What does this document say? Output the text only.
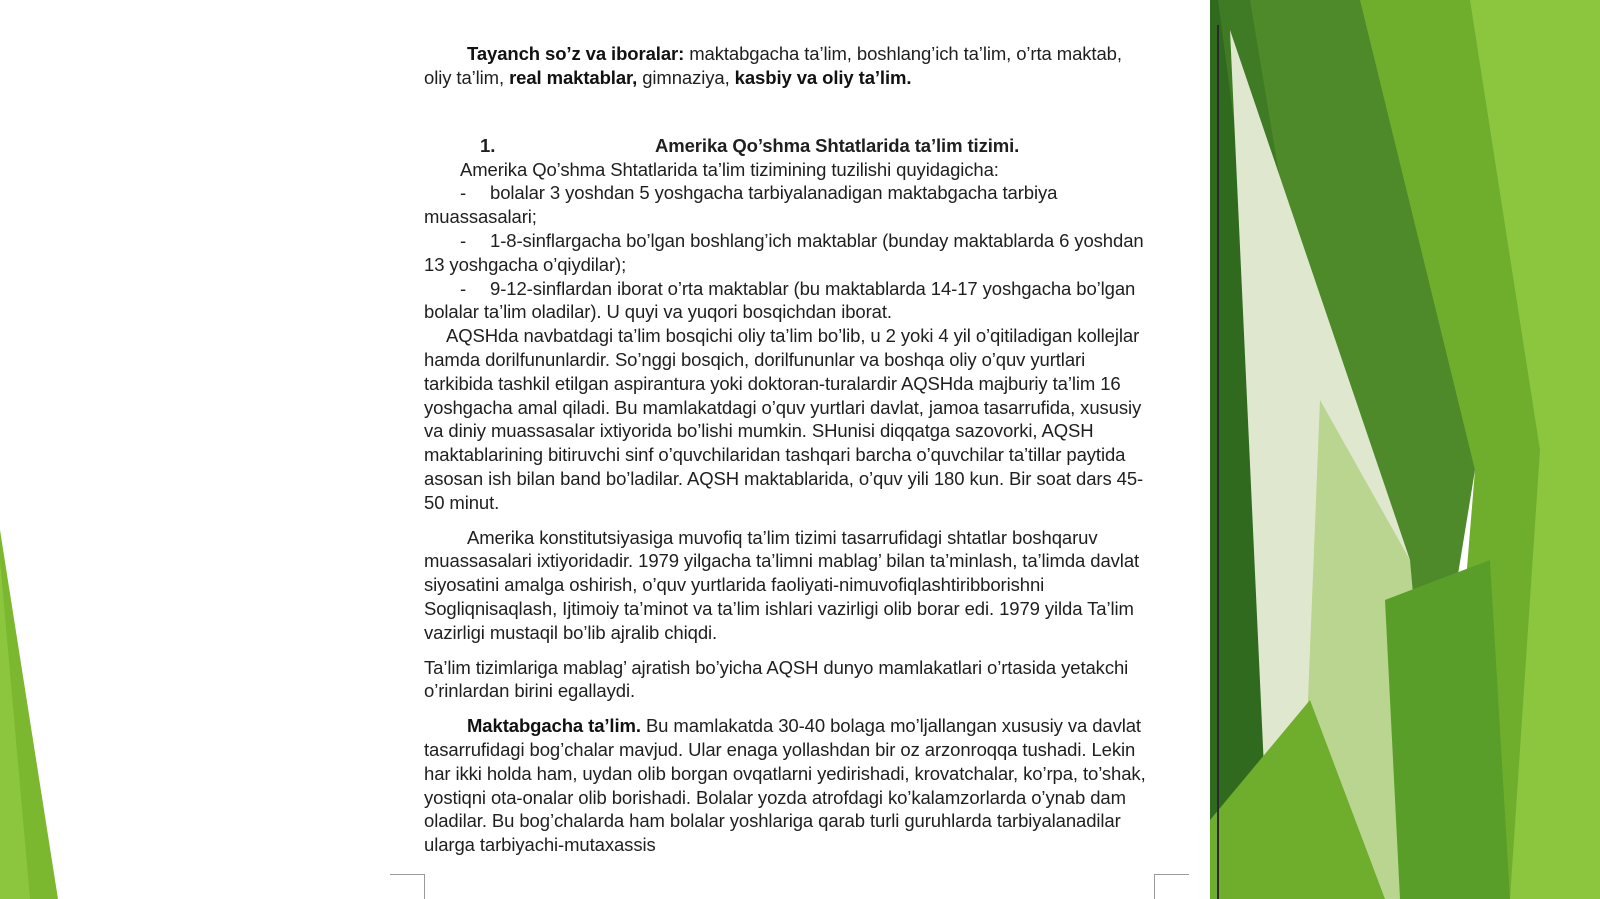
Tayanch so’z va iboralar: maktabgacha ta’lim, boshlang’ich ta’lim, o’rta maktab, oliy ta’lim, real maktablar, gimnaziya, kasbiy va oliy ta’lim.

1.	Amerika Qo’shma Shtatlarida ta’lim tizimi.

Amerika Qo’shma Shtatlarida ta’lim tizimining tuzilishi quyidagicha:

- bolalar 3 yoshdan 5 yoshgacha tarbiyalanadigan maktabgacha tarbiya muassasalari;

- 1-8-sinflargacha bo’lgan boshlang’ich maktablar (bunday maktablarda 6 yoshdan 13 yoshgacha o’qiydilar);

- 9-12-sinflardan iborat o’rta maktablar (bu maktablarda 14-17 yoshgacha bo’lgan bolalar ta’lim oladilar). U quyi va yuqori bosqichdan iborat.

AQSHda navbatdagi ta’lim bosqichi oliy ta’lim bo’lib, u 2 yoki 4 yil o’qitiladigan kollejlar hamda dorilfununlardir. So’nggi bosqich, dorilfununlar va boshqa oliy o’quv yurtlari tarkibida tashkil etilgan aspirantura yoki doktoran-turalardir AQSHda majburiy ta’lim 16 yoshgacha amal qiladi. Bu mamlakatdagi o’quv yurtlari davlat, jamoa tasarrufida, xususiy va diniy muassasalar ixtiyorida bo’lishi mumkin. SHunisi diqqatga sazovorki, AQSH maktablarining bitiruvchi sinf o’quvchilaridan tashqari barcha o’quvchilar ta’tillar paytida asosan ish bilan band bo’ladilar. AQSH maktablarida, o’quv yili 180 kun. Bir soat dars 45-50 minut.

Amerika konstitutsiyasiga muvofiq ta’lim tizimi tasarrufidagi shtatlar boshqaruv muassasalari ixtiyoridadir. 1979 yilgacha ta’limni mablag’ bilan ta’minlash, ta’limda davlat siyosatini amalga oshirish, o’quv yurtlarida faoliyati-nimuvofiqlashtiribborishni Sogliqnisaqlash, Ijtimoiy ta’minot va ta’lim ishlari vazirligi olib borar edi. 1979 yilda Ta’lim vazirligi mustaqil bo’lib ajralib chiqdi.

Ta’lim tizimlariga mablag’ ajratish bo’yicha AQSH dunyo mamlakatlari o’rtasida yetakchi o’rinlardan birini egallaydi.

Maktabgacha ta’lim. Bu mamlakatda 30-40 bolaga mo’ljallangan xususiy va davlat tasarrufidagi bog’chalar mavjud. Ular enaga yollashdan bir oz arzonroqqa tushadi. Lekin har ikki holda ham, uydan olib borgan ovqatlarni yedirishadi, krovatchalar, ko’rpa, to’shak, yostiqni ota-onalar olib borishadi. Bolalar yozda atrofdagi ko’kalamzorlarda o’ynab dam oladilar. Bu bog’chalarda ham bolalar yoshlariga qarab turli guruhlarda tarbiyalanadilar ularga tarbiyachi-mutaxassis
